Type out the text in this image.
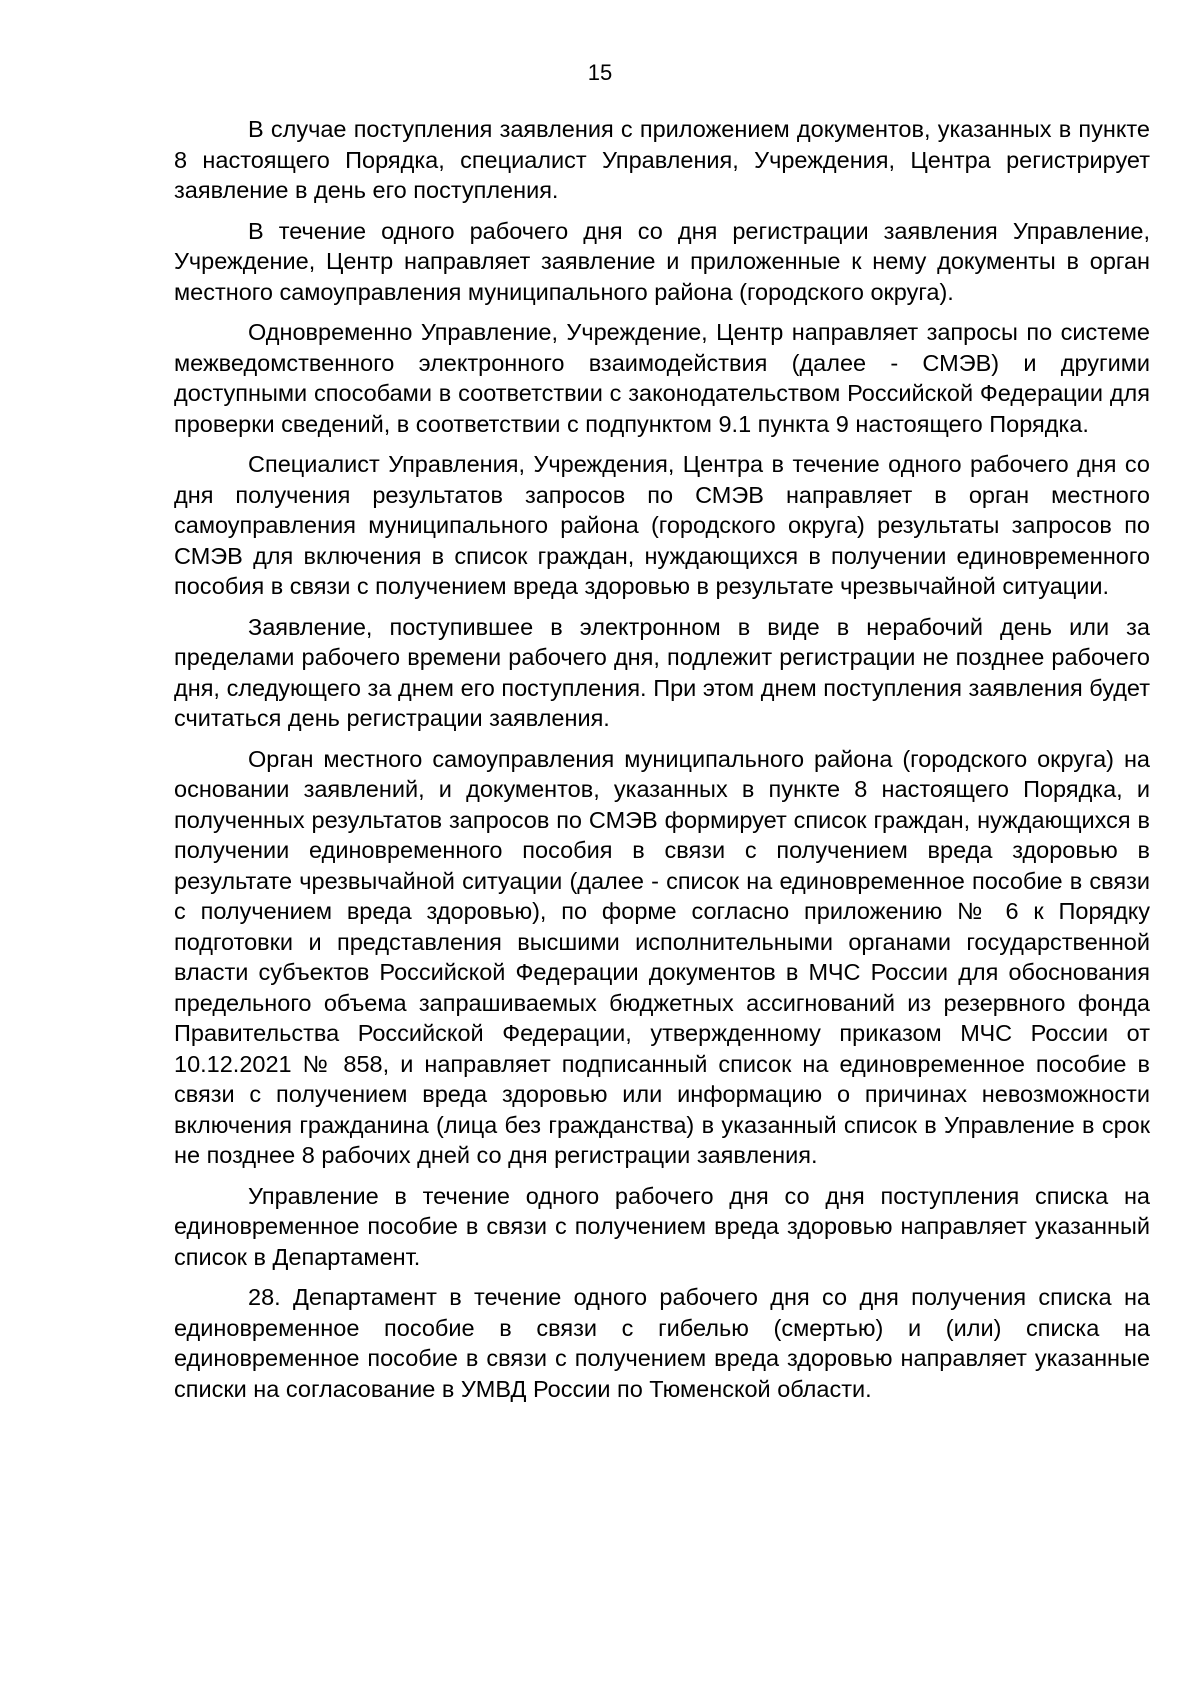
15

В случае поступления заявления с приложением документов, указанных в пункте 8 настоящего Порядка, специалист Управления, Учреждения, Центра регистрирует заявление в день его поступления.

В течение одного рабочего дня со дня регистрации заявления Управление, Учреждение, Центр направляет заявление и приложенные к нему документы в орган местного самоуправления муниципального района (городского округа).

Одновременно Управление, Учреждение, Центр направляет запросы по системе межведомственного электронного взаимодействия (далее - СМЭВ) и другими доступными способами в соответствии с законодательством Российской Федерации для проверки сведений, в соответствии с подпунктом 9.1 пункта 9 настоящего Порядка.

Специалист Управления, Учреждения, Центра в течение одного рабочего дня со дня получения результатов запросов по СМЭВ направляет в орган местного самоуправления муниципального района (городского округа) результаты запросов по СМЭВ для включения в список граждан, нуждающихся в получении единовременного пособия в связи с получением вреда здоровью в результате чрезвычайной ситуации.

Заявление, поступившее в электронном в виде в нерабочий день или за пределами рабочего времени рабочего дня, подлежит регистрации не позднее рабочего дня, следующего за днем его поступления. При этом днем поступления заявления будет считаться день регистрации заявления.

Орган местного самоуправления муниципального района (городского округа) на основании заявлений, и документов, указанных в пункте 8 настоящего Порядка, и полученных результатов запросов по СМЭВ формирует список граждан, нуждающихся в получении единовременного пособия в связи с получением вреда здоровью в результате чрезвычайной ситуации (далее - список на единовременное пособие в связи с получением вреда здоровью), по форме согласно приложению № 6 к Порядку подготовки и представления высшими исполнительными органами государственной власти субъектов Российской Федерации документов в МЧС России для обоснования предельного объема запрашиваемых бюджетных ассигнований из резервного фонда Правительства Российской Федерации, утвержденному приказом МЧС России от 10.12.2021 № 858, и направляет подписанный список на единовременное пособие в связи с получением вреда здоровью или информацию о причинах невозможности включения гражданина (лица без гражданства) в указанный список в Управление в срок не позднее 8 рабочих дней со дня регистрации заявления.

Управление в течение одного рабочего дня со дня поступления списка на единовременное пособие в связи с получением вреда здоровью направляет указанный список в Департамент.

28. Департамент в течение одного рабочего дня со дня получения списка на единовременное пособие в связи с гибелью (смертью) и (или) списка на единовременное пособие в связи с получением вреда здоровью направляет указанные списки на согласование в УМВД России по Тюменской области.
